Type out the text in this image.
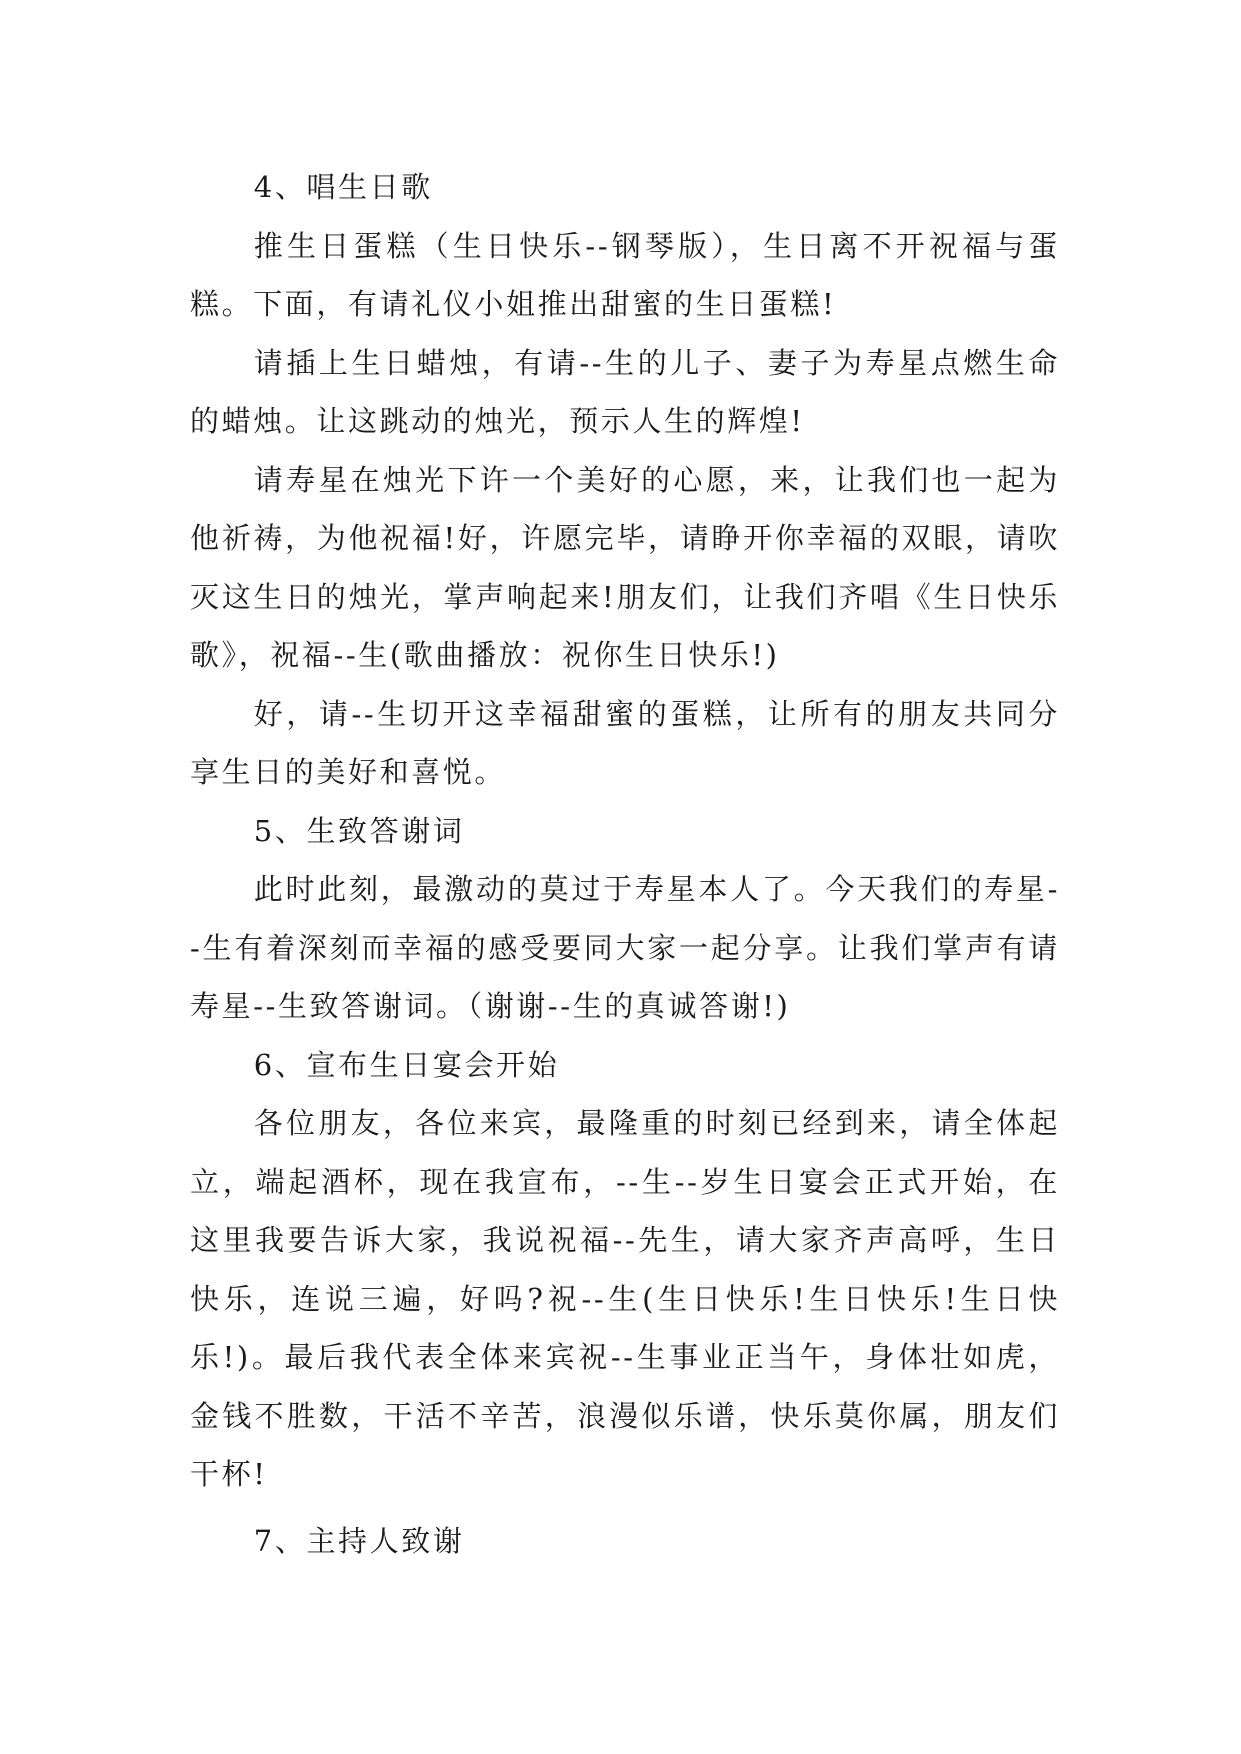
4、唱生日歌

推生日蛋糕（生日快乐--钢琴版），生日离不开祝福与蛋糕。下面，有请礼仪小姐推出甜蜜的生日蛋糕!

请插上生日蜡烛，有请--生的儿子、妻子为寿星点燃生命的蜡烛。让这跳动的烛光，预示人生的辉煌!

请寿星在烛光下许一个美好的心愿，来，让我们也一起为他祈祷，为他祝福!好，许愿完毕，请睁开你幸福的双眼，请吹灭这生日的烛光，掌声响起来!朋友们，让我们齐唱《生日快乐歌》，祝福--生(歌曲播放：祝你生日快乐!)

好，请--生切开这幸福甜蜜的蛋糕，让所有的朋友共同分享生日的美好和喜悦。

5、生致答谢词

此时此刻，最激动的莫过于寿星本人了。今天我们的寿星--生有着深刻而幸福的感受要同大家一起分享。让我们掌声有请寿星--生致答谢词。（谢谢--生的真诚答谢!)

6、宣布生日宴会开始

各位朋友，各位来宾，最隆重的时刻已经到来，请全体起立，端起酒杯，现在我宣布，--生--岁生日宴会正式开始，在这里我要告诉大家，我说祝福--先生，请大家齐声高呼，生日快乐，连说三遍，好吗?祝--生(生日快乐!生日快乐!生日快乐!)。最后我代表全体来宾祝--生事业正当午，身体壮如虎，金钱不胜数，干活不辛苦，浪漫似乐谱，快乐莫你属，朋友们干杯!

7、主持人致谢
